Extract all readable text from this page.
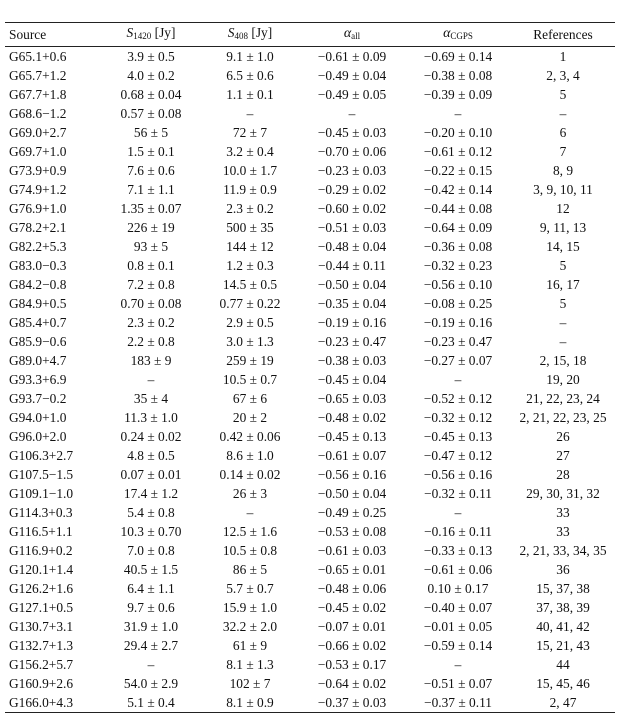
Source	$S_{1420}$ [Jy]	$S_{408}$ [Jy]	$\alpha_{all}$	$\alpha_{CGPS}$	References
G65.1+0.6	3.9 ± 0.5	9.1 ± 1.0	−0.61 ± 0.09	−0.69 ± 0.14	1
G65.7+1.2	4.0 ± 0.2	6.5 ± 0.6	−0.49 ± 0.04	−0.38 ± 0.08	2, 3, 4
G67.7+1.8	0.68 ± 0.04	1.1 ± 0.1	−0.49 ± 0.05	−0.39 ± 0.09	5
G68.6−1.2	0.57 ± 0.08	–	–	–	–
G69.0+2.7	56 ± 5	72 ± 7	−0.45 ± 0.03	−0.20 ± 0.10	6
G69.7+1.0	1.5 ± 0.1	3.2 ± 0.4	−0.70 ± 0.06	−0.61 ± 0.12	7
G73.9+0.9	7.6 ± 0.6	10.0 ± 1.7	−0.23 ± 0.03	−0.22 ± 0.15	8, 9
G74.9+1.2	7.1 ± 1.1	11.9 ± 0.9	−0.29 ± 0.02	−0.42 ± 0.14	3, 9, 10, 11
G76.9+1.0	1.35 ± 0.07	2.3 ± 0.2	−0.60 ± 0.02	−0.44 ± 0.08	12
G78.2+2.1	226 ± 19	500 ± 35	−0.51 ± 0.03	−0.64 ± 0.09	9, 11, 13
G82.2+5.3	93 ± 5	144 ± 12	−0.48 ± 0.04	−0.36 ± 0.08	14, 15
G83.0−0.3	0.8 ± 0.1	1.2 ± 0.3	−0.44 ± 0.11	−0.32 ± 0.23	5
G84.2−0.8	7.2 ± 0.8	14.5 ± 0.5	−0.50 ± 0.04	−0.56 ± 0.10	16, 17
G84.9+0.5	0.70 ± 0.08	0.77 ± 0.22	−0.35 ± 0.04	−0.08 ± 0.25	5
G85.4+0.7	2.3 ± 0.2	2.9 ± 0.5	−0.19 ± 0.16	−0.19 ± 0.16	–
G85.9−0.6	2.2 ± 0.8	3.0 ± 1.3	−0.23 ± 0.47	−0.23 ± 0.47	–
G89.0+4.7	183 ± 9	259 ± 19	−0.38 ± 0.03	−0.27 ± 0.07	2, 15, 18
G93.3+6.9	–	10.5 ± 0.7	−0.45 ± 0.04	–	19, 20
G93.7−0.2	35 ± 4	67 ± 6	−0.65 ± 0.03	−0.52 ± 0.12	21, 22, 23, 24
G94.0+1.0	11.3 ± 1.0	20 ± 2	−0.48 ± 0.02	−0.32 ± 0.12	2, 21, 22, 23, 25
G96.0+2.0	0.24 ± 0.02	0.42 ± 0.06	−0.45 ± 0.13	−0.45 ± 0.13	26
G106.3+2.7	4.8 ± 0.5	8.6 ± 1.0	−0.61 ± 0.07	−0.47 ± 0.12	27
G107.5−1.5	0.07 ± 0.01	0.14 ± 0.02	−0.56 ± 0.16	−0.56 ± 0.16	28
G109.1−1.0	17.4 ± 1.2	26 ± 3	−0.50 ± 0.04	−0.32 ± 0.11	29, 30, 31, 32
G114.3+0.3	5.4 ± 0.8	–	−0.49 ± 0.25	–	33
G116.5+1.1	10.3 ± 0.70	12.5 ± 1.6	−0.53 ± 0.08	−0.16 ± 0.11	33
G116.9+0.2	7.0 ± 0.8	10.5 ± 0.8	−0.61 ± 0.03	−0.33 ± 0.13	2, 21, 33, 34, 35
G120.1+1.4	40.5 ± 1.5	86 ± 5	−0.65 ± 0.01	−0.61 ± 0.06	36
G126.2+1.6	6.4 ± 1.1	5.7 ± 0.7	−0.48 ± 0.06	0.10 ± 0.17	15, 37, 38
G127.1+0.5	9.7 ± 0.6	15.9 ± 1.0	−0.45 ± 0.02	−0.40 ± 0.07	37, 38, 39
G130.7+3.1	31.9 ± 1.0	32.2 ± 2.0	−0.07 ± 0.01	−0.01 ± 0.05	40, 41, 42
G132.7+1.3	29.4 ± 2.7	61 ± 9	−0.66 ± 0.02	−0.59 ± 0.14	15, 21, 43
G156.2+5.7	–	8.1 ± 1.3	−0.53 ± 0.17	–	44
G160.9+2.6	54.0 ± 2.9	102 ± 7	−0.64 ± 0.02	−0.51 ± 0.07	15, 45, 46
G166.0+4.3	5.1 ± 0.4	8.1 ± 0.9	−0.37 ± 0.03	−0.37 ± 0.11	2, 47
